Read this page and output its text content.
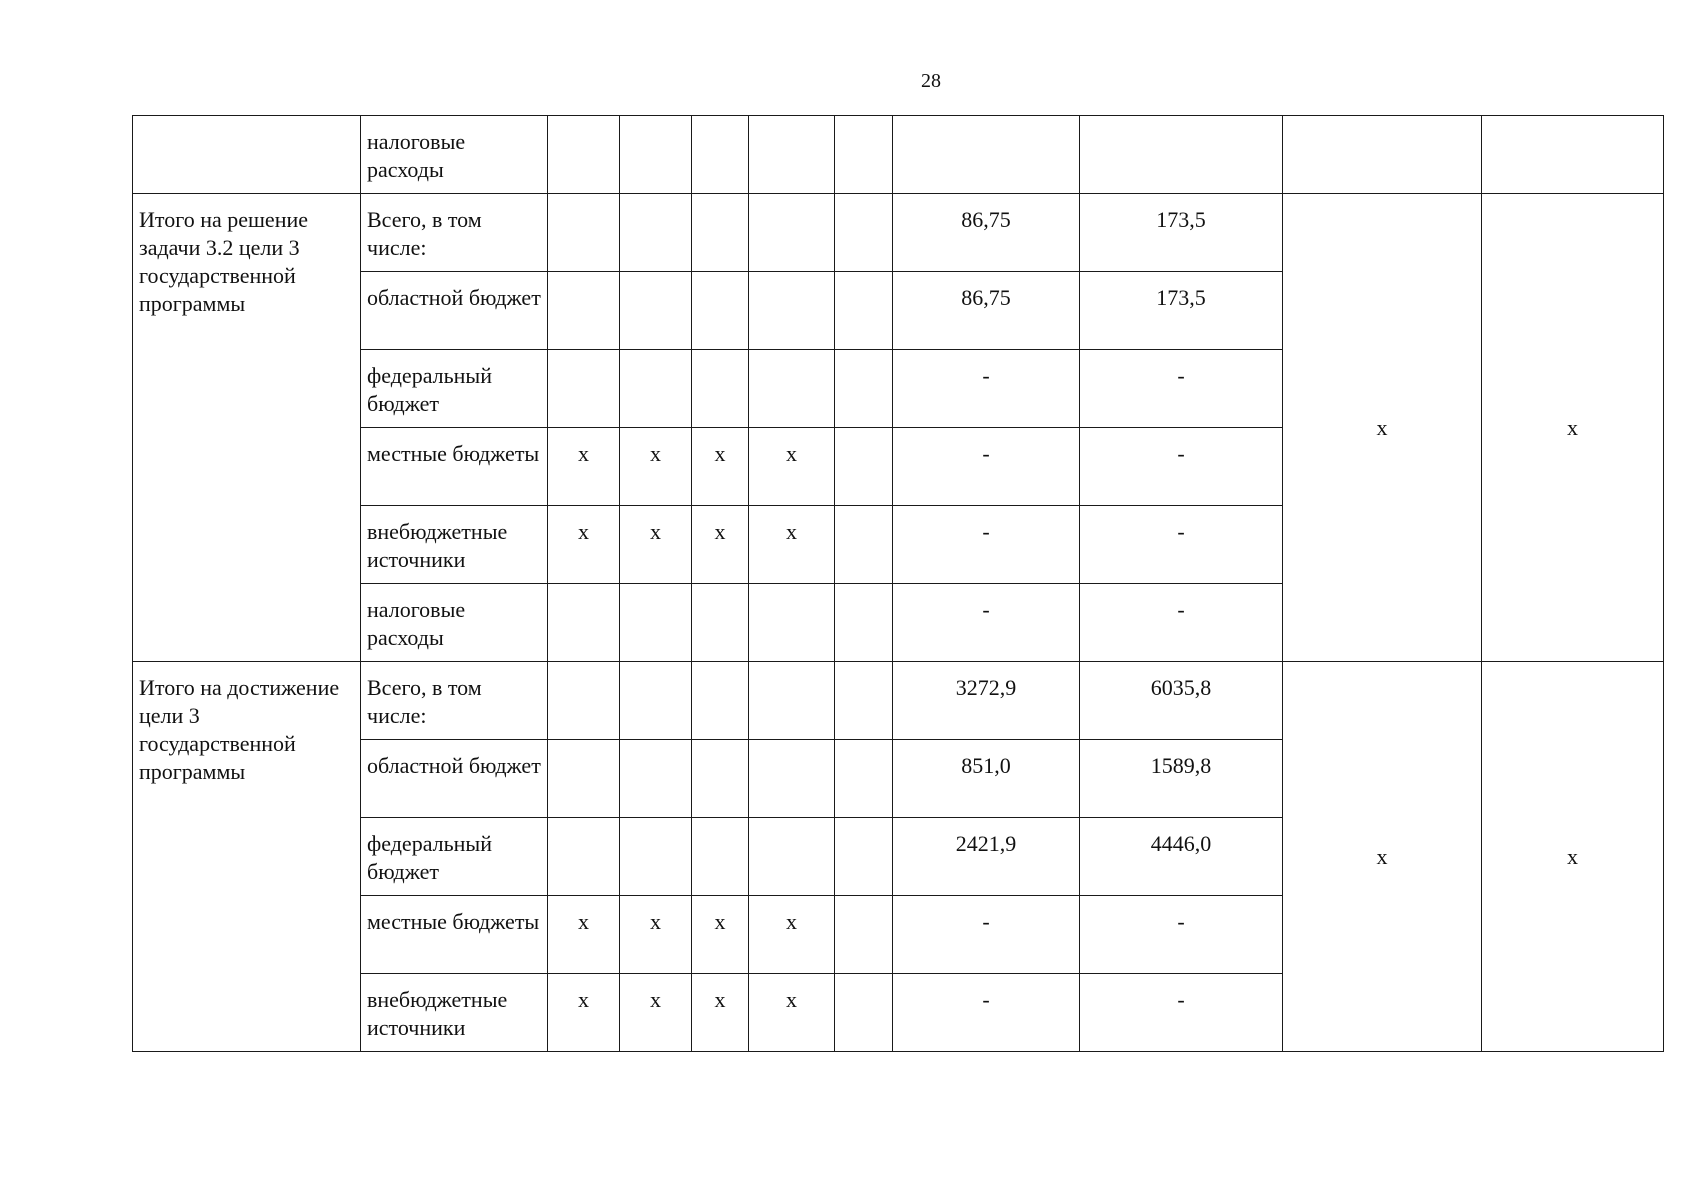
28
	налоговые расходы									
Итого на решение задачи 3.2 цели 3 государственной программы	Всего, в том числе:						86,75	173,5	x	x
	областной бюджет						86,75	173,5		
	федеральный бюджет						-	-		
	местные бюджеты	x	x	x	x		-	-		
	внебюджетные источники	x	x	x	x		-	-		
	налоговые расходы						-	-		
Итого на достижение цели 3 государственной программы	Всего, в том числе:						3272,9	6035,8	x	x
	областной бюджет						851,0	1589,8		
	федеральный бюджет						2421,9	4446,0		
	местные бюджеты	x	x	x	x		-	-		
	внебюджетные источники	x	x	x	x		-	-		
